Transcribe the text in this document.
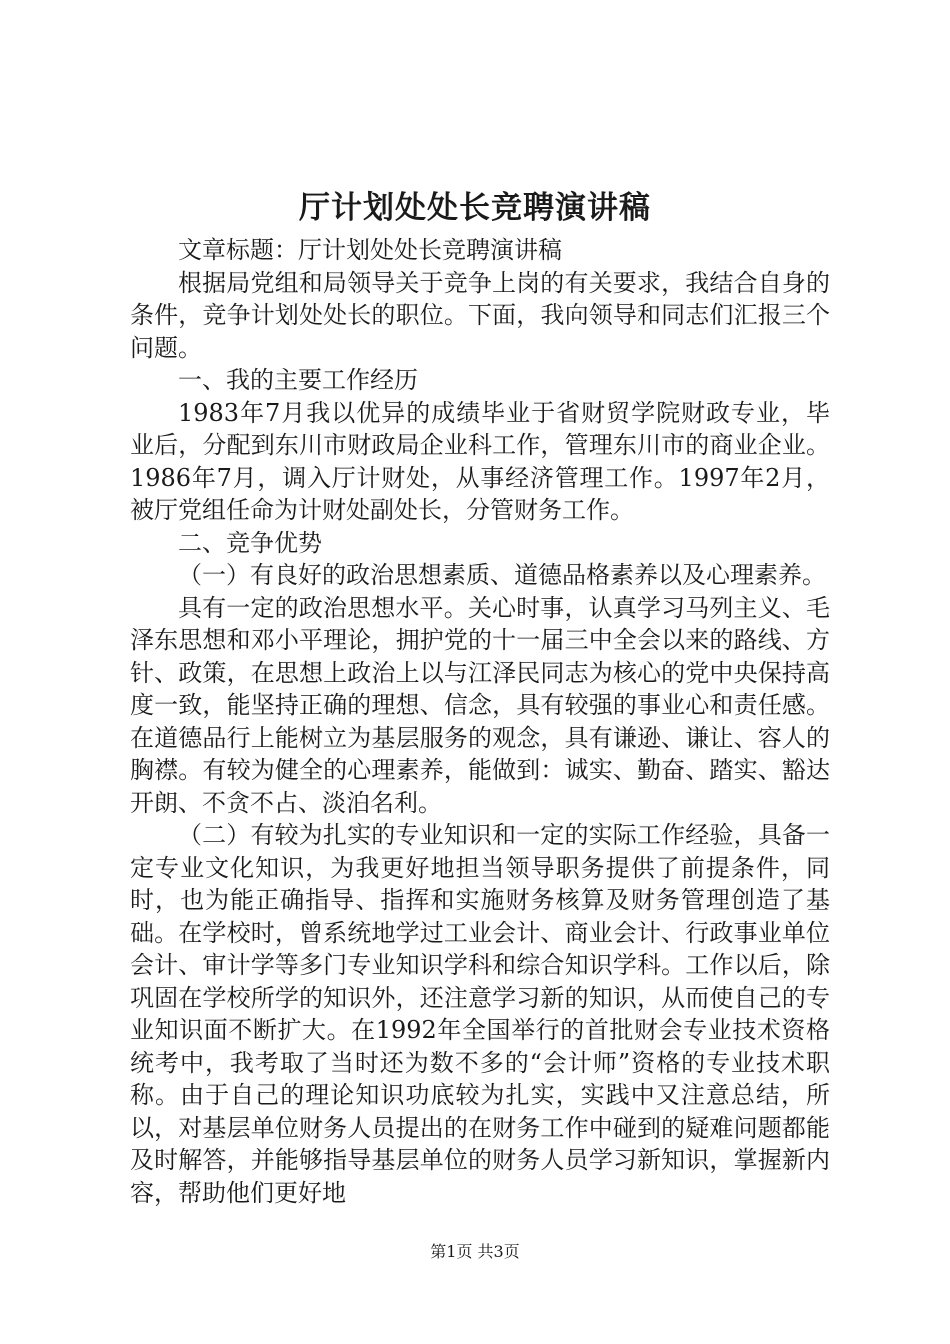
厅计划处处长竞聘演讲稿

文章标题：厅计划处处长竞聘演讲稿

根据局党组和局领导关于竞争上岗的有关要求，我结合自身的条件，竞争计划处处长的职位。下面，我向领导和同志们汇报三个问题。

一、我的主要工作经历

1983年7月我以优异的成绩毕业于省财贸学院财政专业，毕业后，分配到东川市财政局企业科工作，管理东川市的商业企业。1986年7月，调入厅计财处，从事经济管理工作。1997年2月，被厅党组任命为计财处副处长，分管财务工作。

二、竞争优势

（一）有良好的政治思想素质、道德品格素养以及心理素养。

具有一定的政治思想水平。关心时事，认真学习马列主义、毛泽东思想和邓小平理论，拥护党的十一届三中全会以来的路线、方针、政策，在思想上政治上以与江泽民同志为核心的党中央保持高度一致，能坚持正确的理想、信念，具有较强的事业心和责任感。在道德品行上能树立为基层服务的观念，具有谦逊、谦让、容人的胸襟。有较为健全的心理素养，能做到：诚实、勤奋、踏实、豁达开朗、不贪不占、淡泊名利。

（二）有较为扎实的专业知识和一定的实际工作经验，具备一定专业文化知识，为我更好地担当领导职务提供了前提条件，同时，也为能正确指导、指挥和实施财务核算及财务管理创造了基础。在学校时，曾系统地学过工业会计、商业会计、行政事业单位会计、审计学等多门专业知识学科和综合知识学科。工作以后，除巩固在学校所学的知识外，还注意学习新的知识，从而使自己的专业知识面不断扩大。在1992年全国举行的首批财会专业技术资格统考中，我考取了当时还为数不多的“会计师”资格的专业技术职称。由于自己的理论知识功底较为扎实，实践中又注意总结，所以，对基层单位财务人员提出的在财务工作中碰到的疑难问题都能及时解答，并能够指导基层单位的财务人员学习新知识，掌握新内容，帮助他们更好地

第1页 共3页
